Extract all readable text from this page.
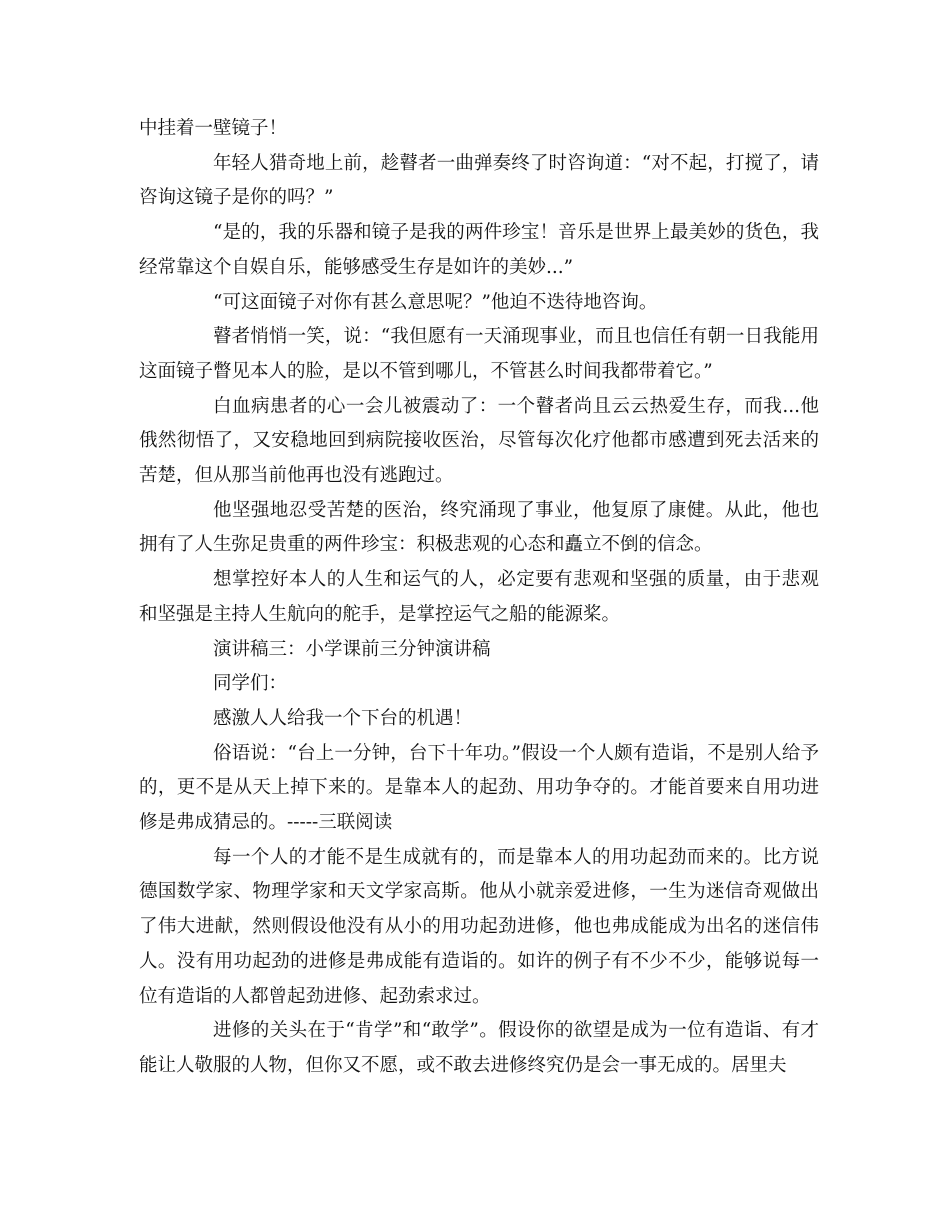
中挂着一壁镜子！

年轻人猎奇地上前，趁瞽者一曲弹奏终了时咨询道：“对不起，打搅了，请咨询这镜子是你的吗？”

“是的，我的乐器和镜子是我的两件珍宝！音乐是世界上最美妙的货色，我经常靠这个自娱自乐，能够感受生存是如许的美妙...”

“可这面镜子对你有甚么意思呢？”他迫不迭待地咨询。

瞽者悄悄一笑，说：“我但愿有一天涌现事业，而且也信任有朝一日我能用这面镜子瞥见本人的脸，是以不管到哪儿，不管甚么时间我都带着它。”

白血病患者的心一会儿被震动了：一个瞽者尚且云云热爱生存，而我...他俄然彻悟了，又安稳地回到病院接收医治，尽管每次化疗他都市感遭到死去活来的苦楚，但从那当前他再也没有逃跑过。

他坚强地忍受苦楚的医治，终究涌现了事业，他复原了康健。从此，他也拥有了人生弥足贵重的两件珍宝：积极悲观的心态和矗立不倒的信念。

想掌控好本人的人生和运气的人，必定要有悲观和坚强的质量，由于悲观和坚强是主持人生航向的舵手，是掌控运气之船的能源桨。

演讲稿三：小学课前三分钟演讲稿

同学们：

感激人人给我一个下台的机遇！

俗语说：“台上一分钟，台下十年功。”假设一个人颇有造诣，不是别人给予的，更不是从天上掉下来的。是靠本人的起劲、用功争夺的。才能首要来自用功进修是弗成猜忌的。-----三联阅读

每一个人的才能不是生成就有的，而是靠本人的用功起劲而来的。比方说德国数学家、物理学家和天文学家高斯。他从小就亲爱进修，一生为迷信奇观做出了伟大进献，然则假设他没有从小的用功起劲进修，他也弗成能成为出名的迷信伟人。没有用功起劲的进修是弗成能有造诣的。如许的例子有不少不少，能够说每一位有造诣的人都曾起劲进修、起劲索求过。

进修的关头在于“肯学”和“敢学”。假设你的欲望是成为一位有造诣、有才能让人敬服的人物，但你又不愿，或不敢去进修终究仍是会一事无成的。居里夫
